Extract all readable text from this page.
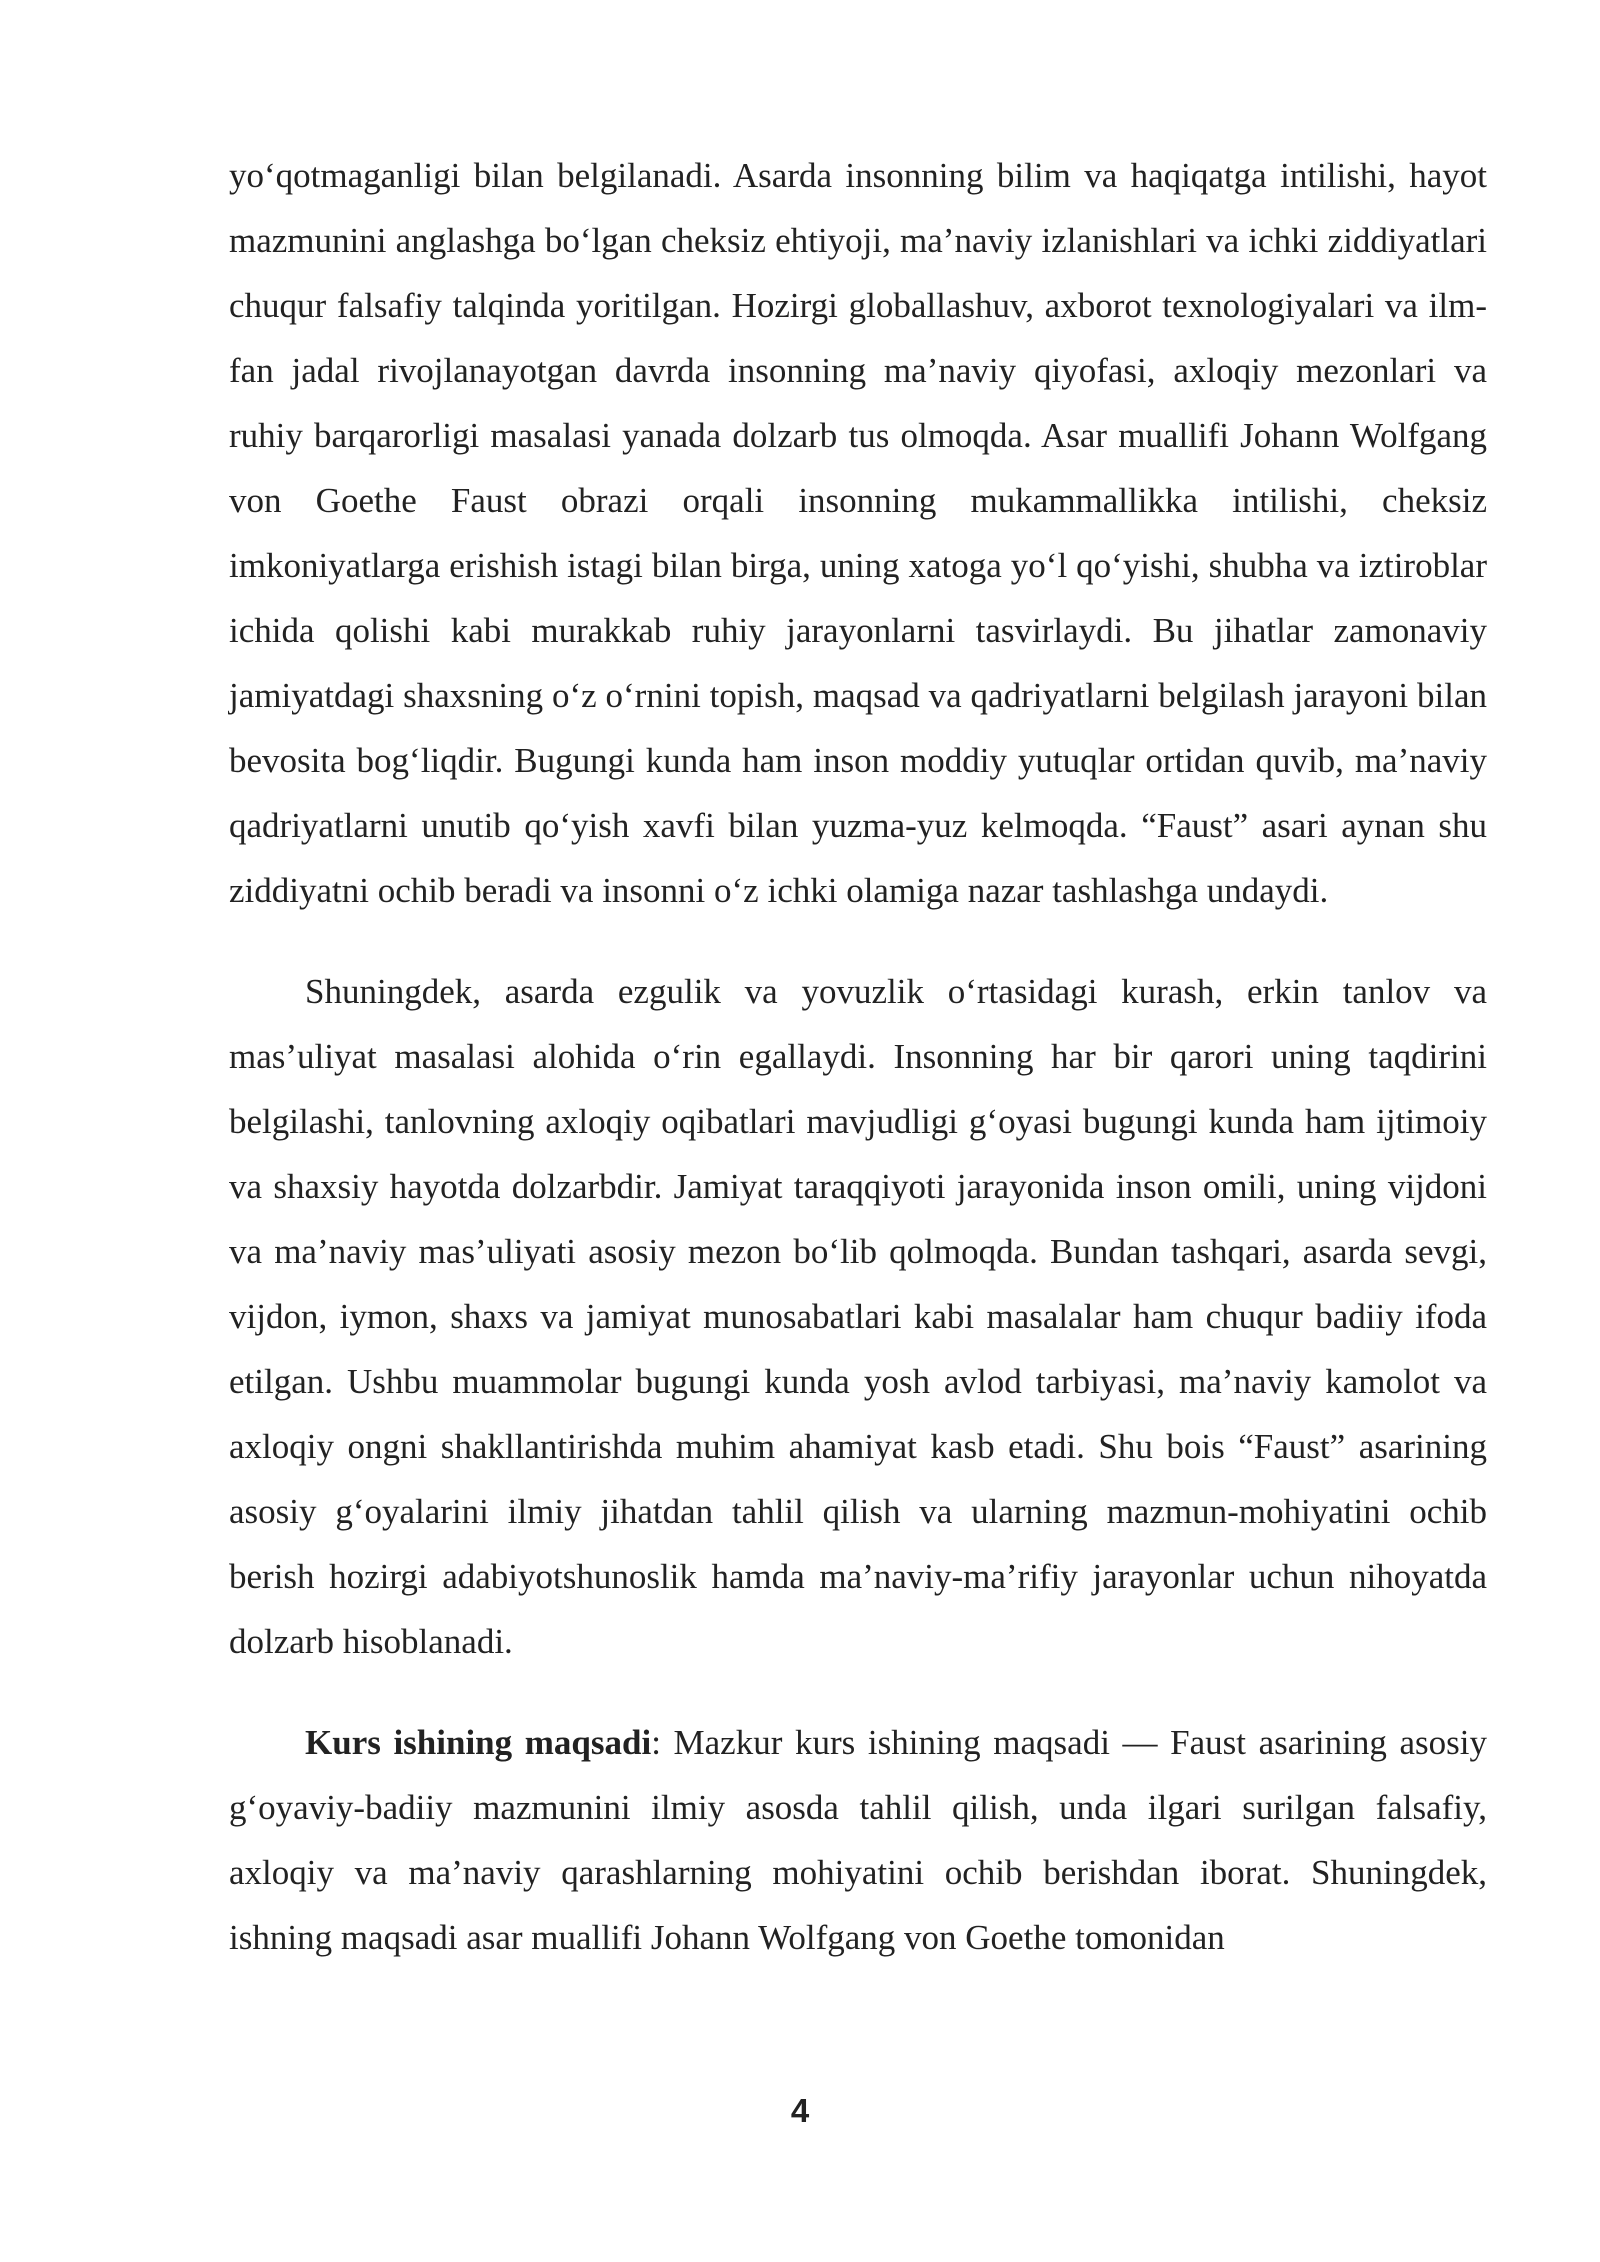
yo‘qotmaganligi bilan belgilanadi. Asarda insonning bilim va haqiqatga intilishi, hayot mazmunini anglashga bo‘lgan cheksiz ehtiyoji, ma’naviy izlanishlari va ichki ziddiyatlari chuqur falsafiy talqinda yoritilgan. Hozirgi globallashuv, axborot texnologiyalari va ilm-fan jadal rivojlanayotgan davrda insonning ma’naviy qiyofasi, axloqiy mezonlari va ruhiy barqarorligi masalasi yanada dolzarb tus olmoqda. Asar muallifi Johann Wolfgang von Goethe Faust obrazi orqali insonning mukammallikka intilishi, cheksiz imkoniyatlarga erishish istagi bilan birga, uning xatoga yo‘l qo‘yishi, shubha va iztiroblar ichida qolishi kabi murakkab ruhiy jarayonlarni tasvirlaydi. Bu jihatlar zamonaviy jamiyatdagi shaxsning o‘z o‘rnini topish, maqsad va qadriyatlarni belgilash jarayoni bilan bevosita bog‘liqdir. Bugungi kunda ham inson moddiy yutuqlar ortidan quvib, ma’naviy qadriyatlarni unutib qo‘yish xavfi bilan yuzma-yuz kelmoqda. “Faust” asari aynan shu ziddiyatni ochib beradi va insonni o‘z ichki olamiga nazar tashlashga undaydi.

Shuningdek, asarda ezgulik va yovuzlik o‘rtasidagi kurash, erkin tanlov va mas’uliyat masalasi alohida o‘rin egallaydi. Insonning har bir qarori uning taqdirini belgilashi, tanlovning axloqiy oqibatlari mavjudligi g‘oyasi bugungi kunda ham ijtimoiy va shaxsiy hayotda dolzarbdir. Jamiyat taraqqiyoti jarayonida inson omili, uning vijdoni va ma’naviy mas’uliyati asosiy mezon bo‘lib qolmoqda. Bundan tashqari, asarda sevgi, vijdon, iymon, shaxs va jamiyat munosabatlari kabi masalalar ham chuqur badiiy ifoda etilgan. Ushbu muammolar bugungi kunda yosh avlod tarbiyasi, ma’naviy kamolot va axloqiy ongni shakllantirishda muhim ahamiyat kasb etadi. Shu bois “Faust” asarining asosiy g‘oyalarini ilmiy jihatdan tahlil qilish va ularning mazmun-mohiyatini ochib berish hozirgi adabiyotshunoslik hamda ma’naviy-ma’rifiy jarayonlar uchun nihoyatda dolzarb hisoblanadi.

Kurs ishining maqsadi: Mazkur kurs ishining maqsadi — Faust asarining asosiy g‘oyaviy-badiiy mazmunini ilmiy asosda tahlil qilish, unda ilgari surilgan falsafiy, axloqiy va ma’naviy qarashlarning mohiyatini ochib berishdan iborat. Shuningdek, ishning maqsadi asar muallifi Johann Wolfgang von Goethe tomonidan

4
